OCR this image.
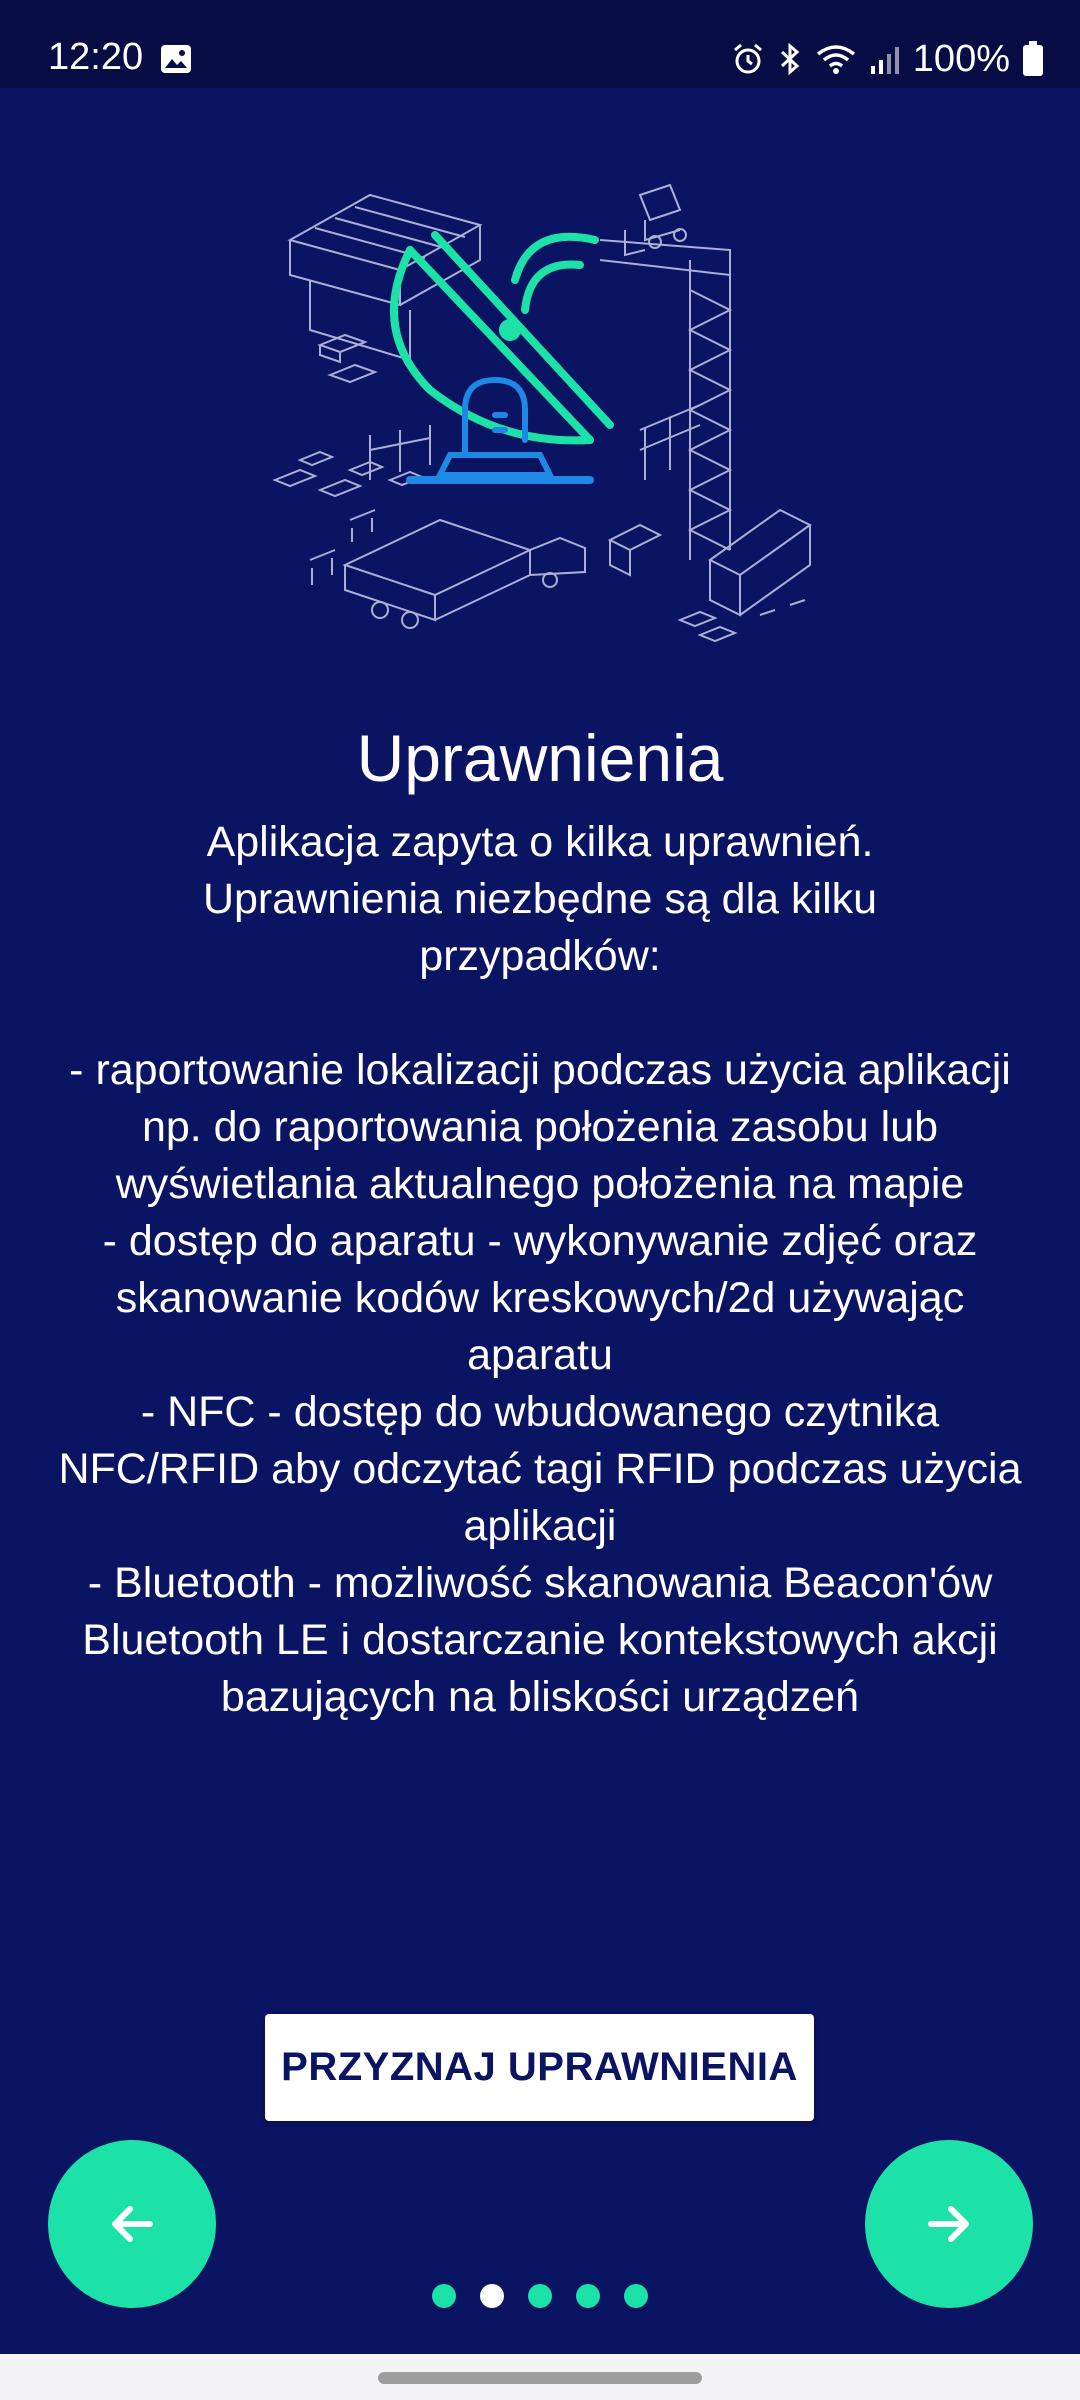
12:20	100%
Uprawnienia

Aplikacja zapyta o kilka uprawnień.

Uprawnienia niezbędne są dla kilku

przypadków:

- raportowanie lokalizacji podczas użycia aplikacji np. do raportowania położenia zasobu lub wyświetlania aktualnego położenia na mapie

- dostęp do aparatu - wykonywanie zdjęć oraz skanowanie kodów kreskowych/2d używając aparatu

- NFC - dostęp do wbudowanego czytnika NFC/RFID aby odczytać tagi RFID podczas użycia aplikacji

- Bluetooth - możliwość skanowania Beacon'ów Bluetooth LE i dostarczanie kontekstowych akcji bazujących na bliskości urządzeń

PRZYZNAJ UPRAWNIENIA
